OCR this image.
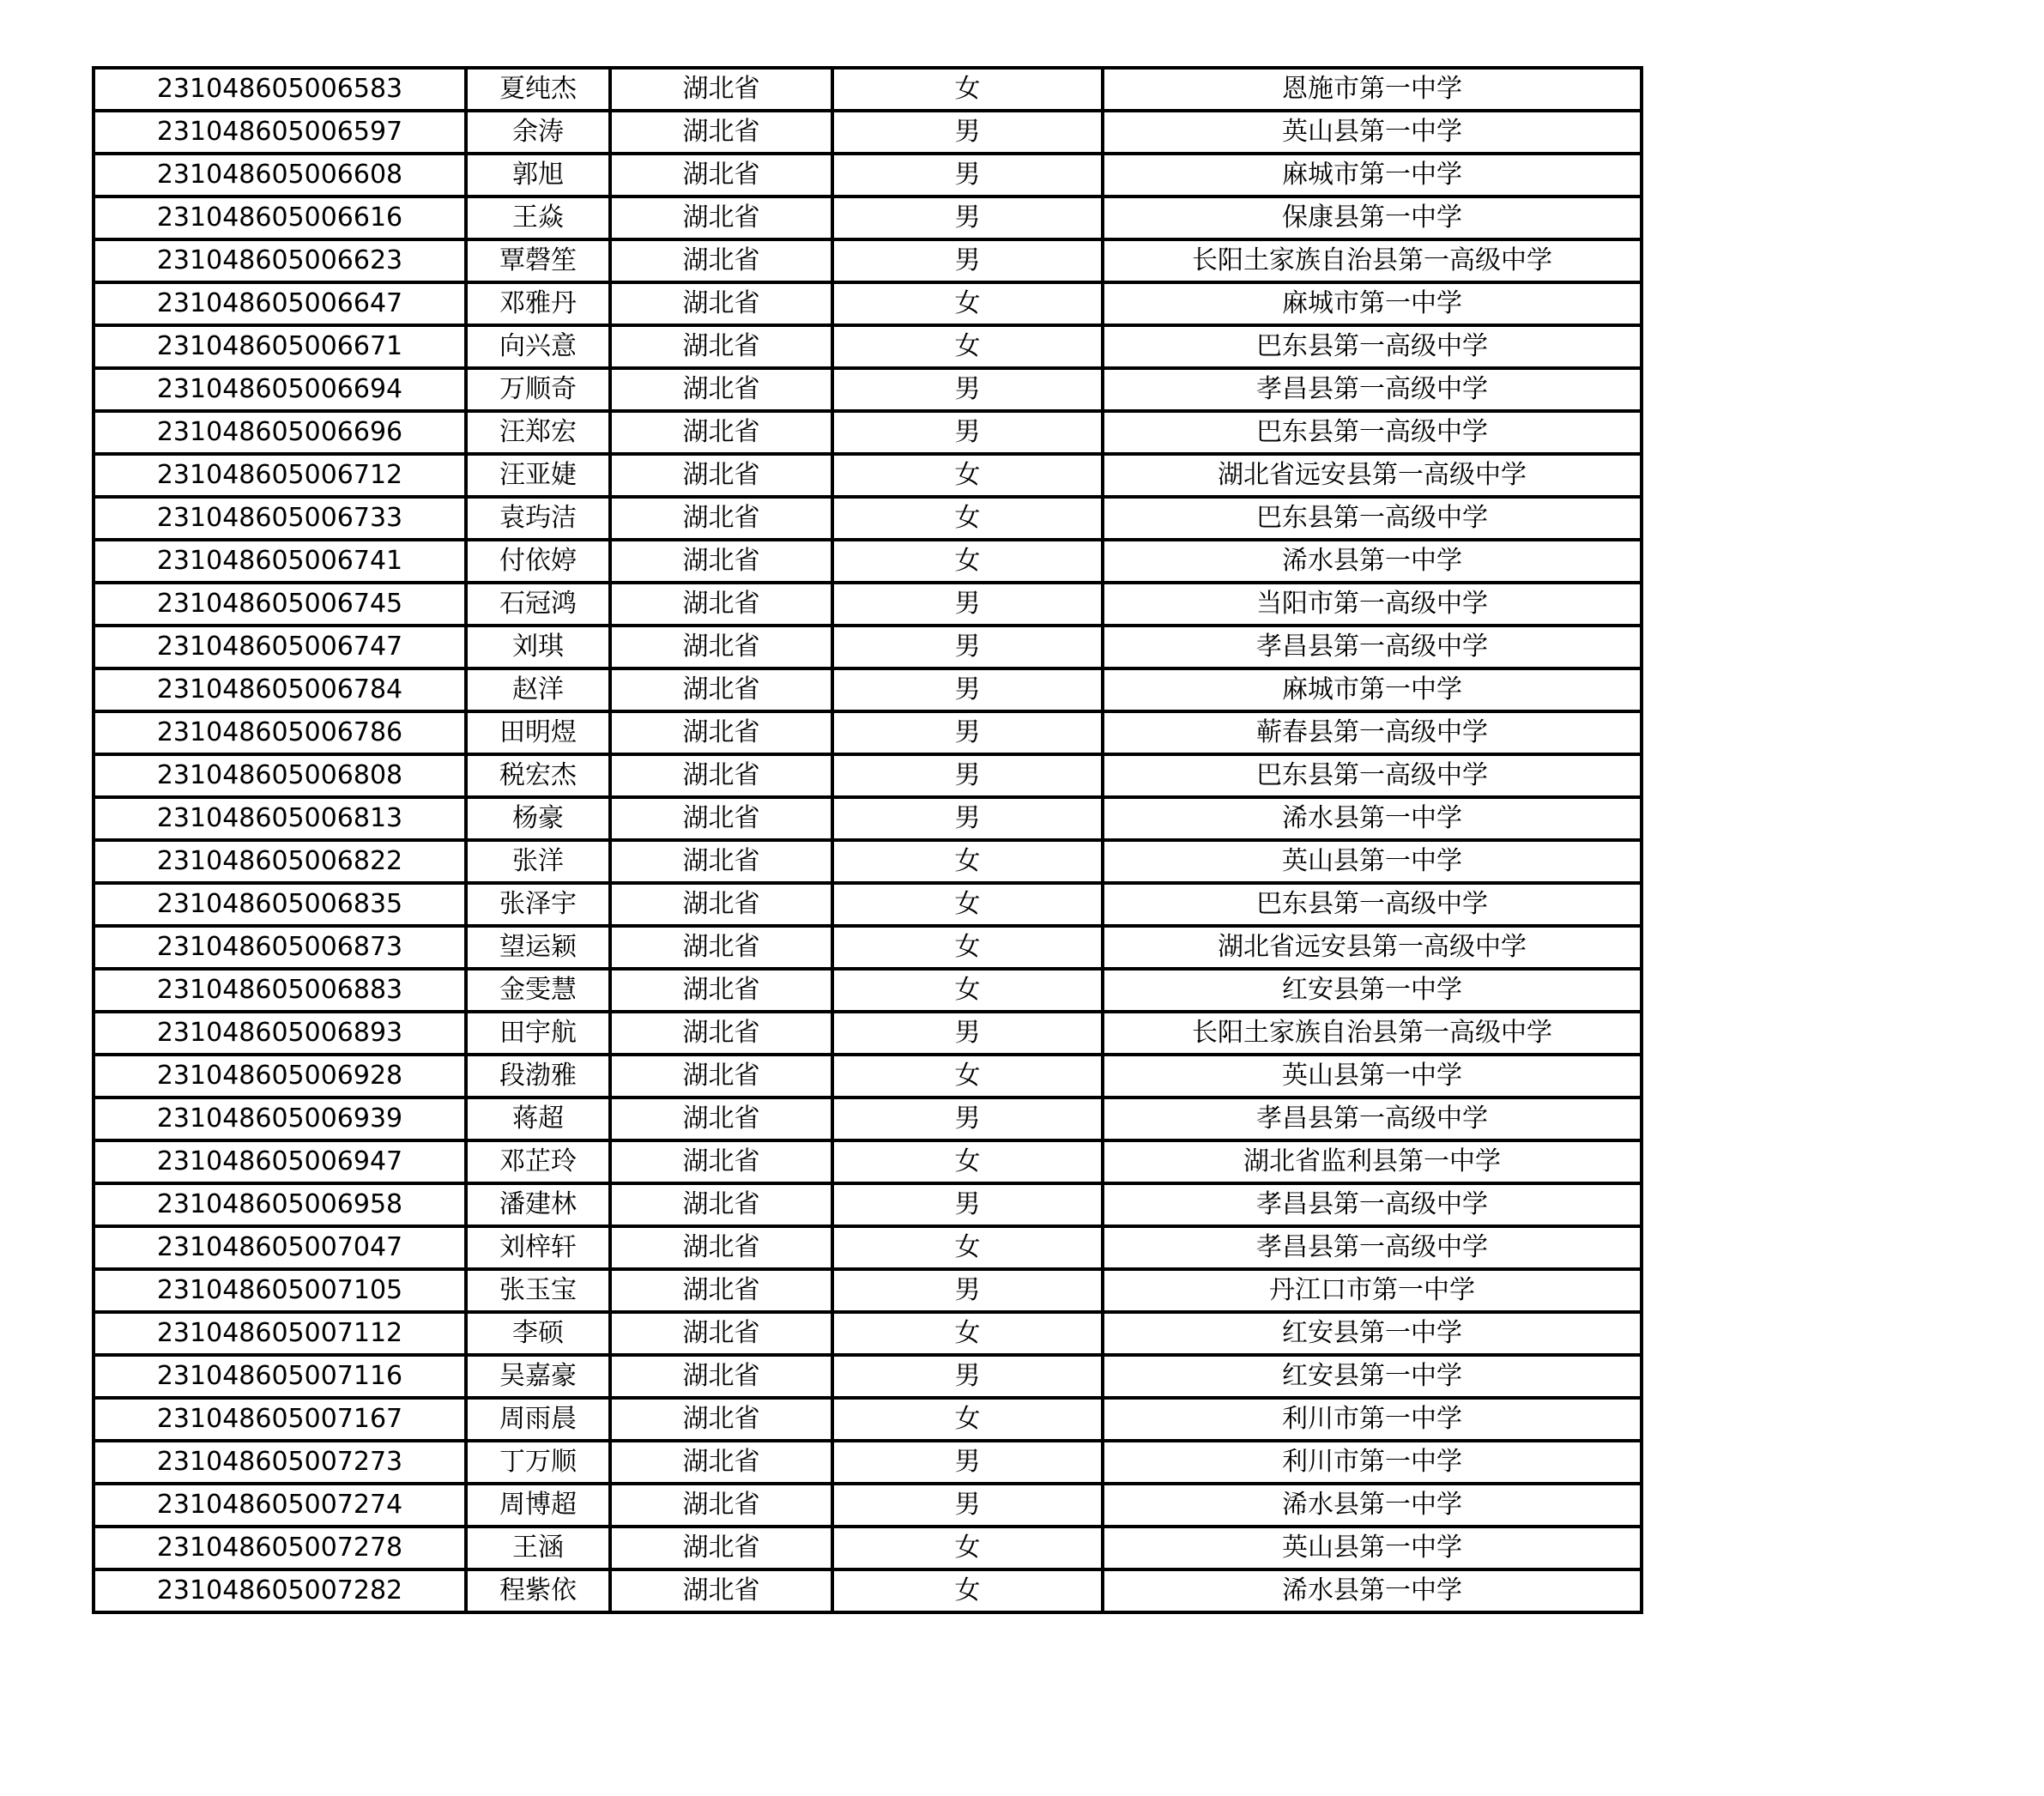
231048605006583	夏纯杰	湖北省	女	恩施市第一中学
231048605006597	余涛	湖北省	男	英山县第一中学
231048605006608	郭旭	湖北省	男	麻城市第一中学
231048605006616	王焱	湖北省	男	保康县第一中学
231048605006623	覃磬笙	湖北省	男	长阳土家族自治县第一高级中学
231048605006647	邓雅丹	湖北省	女	麻城市第一中学
231048605006671	向兴意	湖北省	女	巴东县第一高级中学
231048605006694	万顺奇	湖北省	男	孝昌县第一高级中学
231048605006696	汪郑宏	湖北省	男	巴东县第一高级中学
231048605006712	汪亚婕	湖北省	女	湖北省远安县第一高级中学
231048605006733	袁玙洁	湖北省	女	巴东县第一高级中学
231048605006741	付依婷	湖北省	女	浠水县第一中学
231048605006745	石冠鸿	湖北省	男	当阳市第一高级中学
231048605006747	刘琪	湖北省	男	孝昌县第一高级中学
231048605006784	赵洋	湖北省	男	麻城市第一中学
231048605006786	田明煜	湖北省	男	蕲春县第一高级中学
231048605006808	税宏杰	湖北省	男	巴东县第一高级中学
231048605006813	杨豪	湖北省	男	浠水县第一中学
231048605006822	张洋	湖北省	女	英山县第一中学
231048605006835	张泽宇	湖北省	女	巴东县第一高级中学
231048605006873	望运颖	湖北省	女	湖北省远安县第一高级中学
231048605006883	金雯慧	湖北省	女	红安县第一中学
231048605006893	田宇航	湖北省	男	长阳土家族自治县第一高级中学
231048605006928	段渤雅	湖北省	女	英山县第一中学
231048605006939	蒋超	湖北省	男	孝昌县第一高级中学
231048605006947	邓芷玲	湖北省	女	湖北省监利县第一中学
231048605006958	潘建林	湖北省	男	孝昌县第一高级中学
231048605007047	刘梓轩	湖北省	女	孝昌县第一高级中学
231048605007105	张玉宝	湖北省	男	丹江口市第一中学
231048605007112	李硕	湖北省	女	红安县第一中学
231048605007116	吴嘉豪	湖北省	男	红安县第一中学
231048605007167	周雨晨	湖北省	女	利川市第一中学
231048605007273	丁万顺	湖北省	男	利川市第一中学
231048605007274	周博超	湖北省	男	浠水县第一中学
231048605007278	王涵	湖北省	女	英山县第一中学
231048605007282	程紫依	湖北省	女	浠水县第一中学
